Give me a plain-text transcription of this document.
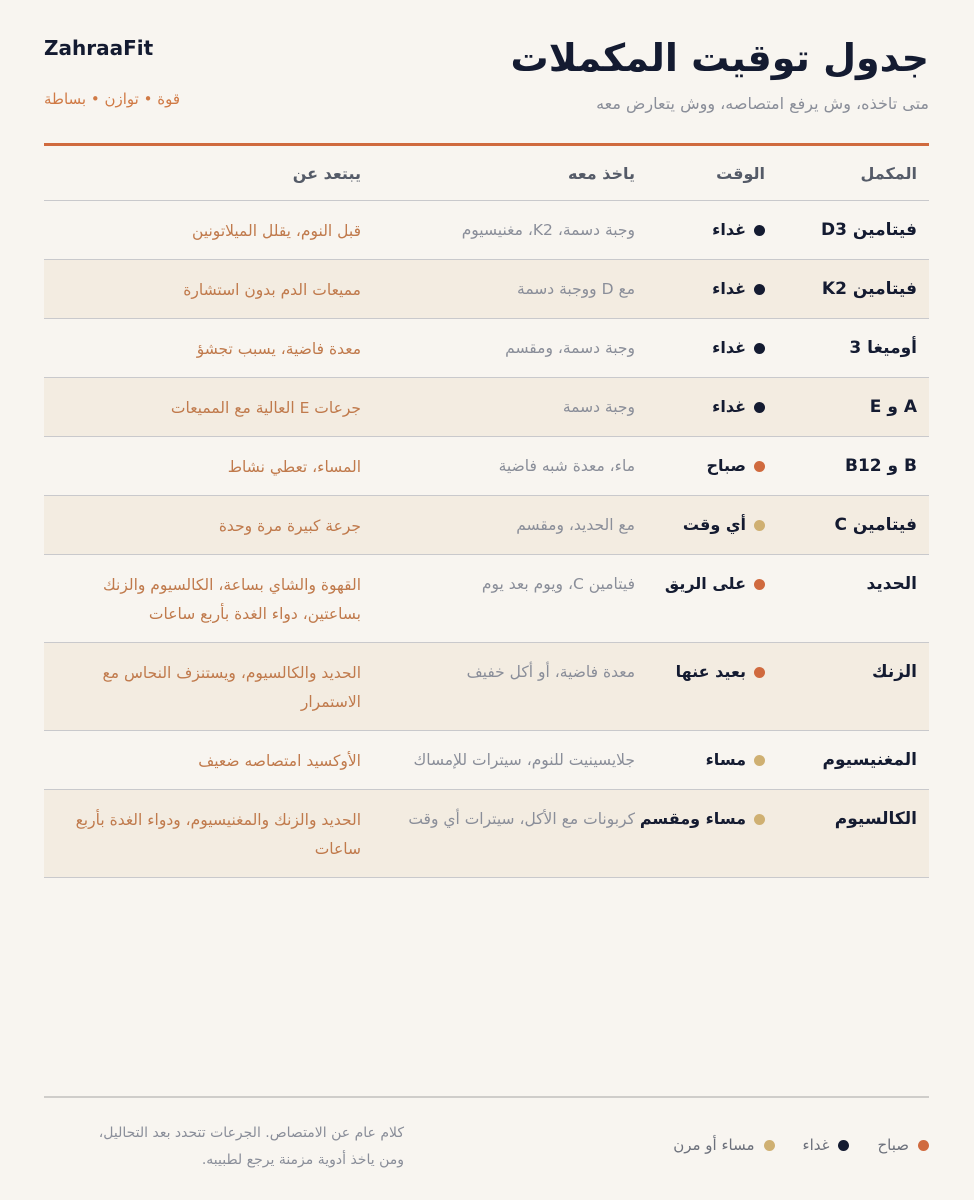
جدول توقيت المكملات
متى تاخذه، وش يرفع امتصاصه، ووش يتعارض معه
ZahraaFit
قوة • توازن • بساطة
المكمل	الوقت	ياخذ معه	يبتعد عن

فيتامين D3	غداء	وجبة دسمة، K2، مغنيسيوم	قبل النوم، يقلل الميلاتونين

فيتامين K2	غداء	مع D ووجبة دسمة	مميعات الدم بدون استشارة

أوميغا 3	غداء	وجبة دسمة، ومقسم	معدة فاضية، يسبب تجشؤ

A و E	غداء	وجبة دسمة	جرعات E العالية مع المميعات

B و B12	صباح	ماء، معدة شبه فاضية	المساء، تعطي نشاط

فيتامين C	أي وقت	مع الحديد، ومقسم	جرعة كبيرة مرة وحدة

الحديد	على الريق	فيتامين C، ويوم بعد يوم	القهوة والشاي بساعة، الكالسيوم والزنك بساعتين، دواء الغدة بأربع ساعات

الزنك	بعيد عنها	معدة فاضية، أو أكل خفيف	الحديد والكالسيوم، ويستنزف النحاس مع الاستمرار

المغنيسيوم	مساء	جلايسينيت للنوم، سيترات للإمساك	الأوكسيد امتصاصه ضعيف

الكالسيوم	مساء ومقسم	كربونات مع الأكل، سيترات أي وقت	الحديد والزنك والمغنيسيوم، ودواء الغدة بأربع ساعات
صباحغداءمساء أو مرن
كلام عام عن الامتصاص. الجرعات تتحدد بعد التحاليل،
ومن ياخذ أدوية مزمنة يرجع لطبيبه.
